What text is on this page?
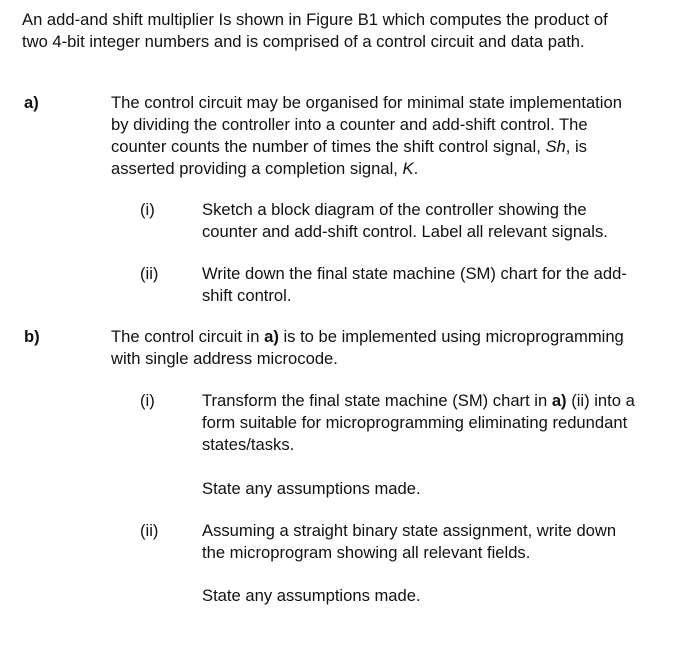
An add-and shift multiplier Is shown in Figure B1 which computes the product of
two 4-bit integer numbers and is comprised of a control circuit and data path.
a)	The control circuit may be organised for minimal state implementation
by dividing the controller into a counter and add-shift control. The
counter counts the number of times the shift control signal, Sh, is
asserted providing a completion signal, K.
(i)	Sketch a block diagram of the controller showing the
counter and add-shift control. Label all relevant signals.
(ii)	Write down the final state machine (SM) chart for the add-
shift control.
b)	The control circuit in a) is to be implemented using microprogramming
with single address microcode.
(i)	Transform the final state machine (SM) chart in a) (ii) into a
form suitable for microprogramming eliminating redundant
states/tasks.
State any assumptions made.
(ii)	Assuming a straight binary state assignment, write down
the microprogram showing all relevant fields.
State any assumptions made.
